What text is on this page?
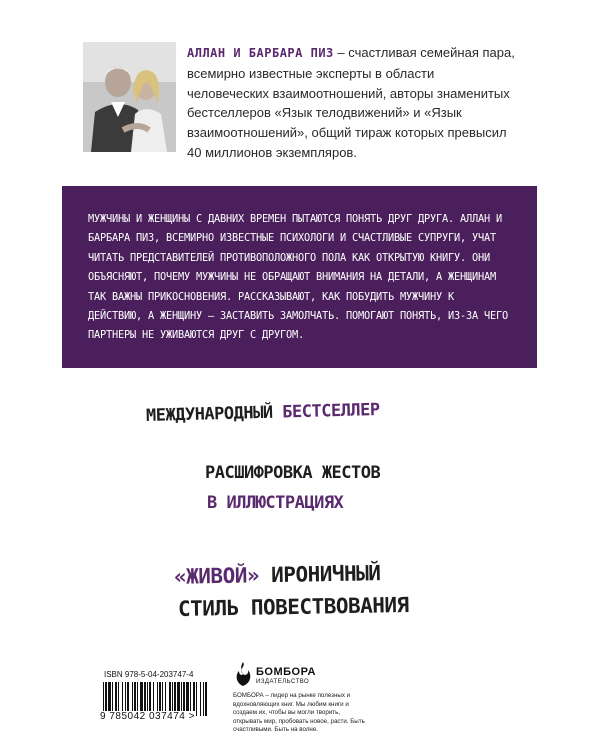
АЛЛАН И БАРБАРА ПИЗ – счастливая семейная пара, всемирно известные эксперты в области человеческих взаимоотношений, авторы знаменитых бестселлеров «Язык телодвижений» и «Язык взаимоотношений», общий тираж которых превысил 40 миллионов экземпляров.

МУЖЧИНЫ И ЖЕНЩИНЫ С ДАВНИХ ВРЕМЕН ПЫТАЮТСЯ ПОНЯТЬ ДРУГ ДРУГА. АЛЛАН И БАРБАРА ПИЗ, ВСЕМИРНО ИЗВЕСТНЫЕ ПСИХОЛОГИ И СЧАСТЛИВЫЕ СУПРУГИ, УЧАТ ЧИТАТЬ ПРЕДСТАВИТЕЛЕЙ ПРОТИВОПОЛОЖНОГО ПОЛА КАК ОТКРЫТУЮ КНИГУ. ОНИ ОБЪЯСНЯЮТ, ПОЧЕМУ МУЖЧИНЫ НЕ ОБРАЩАЮТ ВНИМАНИЯ НА ДЕТАЛИ, А ЖЕНЩИНАМ ТАК ВАЖНЫ ПРИКОСНОВЕНИЯ. РАССКАЗЫВАЮТ, КАК ПОБУДИТЬ МУЖЧИНУ К ДЕЙСТВИЮ, А ЖЕНЩИНУ – ЗАСТАВИТЬ ЗАМОЛЧАТЬ. ПОМОГАЮТ ПОНЯТЬ, ИЗ-ЗА ЧЕГО ПАРТНЕРЫ НЕ УЖИВАЮТСЯ ДРУГ С ДРУГОМ.

МЕЖДУНАРОДНЫЙ БЕСТСЕЛЛЕР
РАСШИФРОВКА ЖЕСТОВ
В ИЛЛЮСТРАЦИЯХ
«ЖИВОЙ» ИРОНИЧНЫЙ
СТИЛЬ ПОВЕСТВОВАНИЯ
ISBN 978-5-04-203747-4
9 785042 037474 >
БОМБОРА
ИЗДАТЕЛЬСТВО
БОМБОРА – лидер на рынке полезных и вдохновляющих книг. Мы любим книги и создаем их, чтобы вы могли творить, открывать мир, пробовать новое, расти. Быть счастливыми. Быть на волне.
